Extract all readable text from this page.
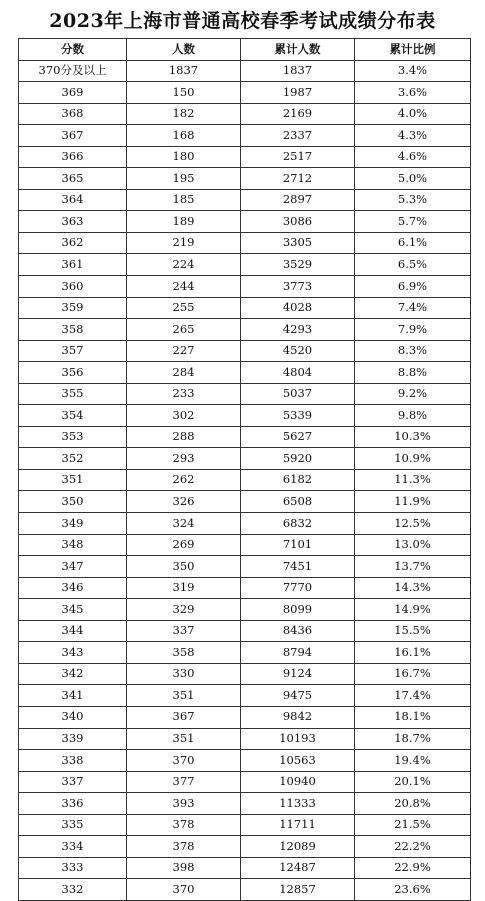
2023年上海市普通高校春季考试成绩分布表
分数	人数	累计人数	累计比例
370分及以上	1837	1837	3.4%
369	150	1987	3.6%
368	182	2169	4.0%
367	168	2337	4.3%
366	180	2517	4.6%
365	195	2712	5.0%
364	185	2897	5.3%
363	189	3086	5.7%
362	219	3305	6.1%
361	224	3529	6.5%
360	244	3773	6.9%
359	255	4028	7.4%
358	265	4293	7.9%
357	227	4520	8.3%
356	284	4804	8.8%
355	233	5037	9.2%
354	302	5339	9.8%
353	288	5627	10.3%
352	293	5920	10.9%
351	262	6182	11.3%
350	326	6508	11.9%
349	324	6832	12.5%
348	269	7101	13.0%
347	350	7451	13.7%
346	319	7770	14.3%
345	329	8099	14.9%
344	337	8436	15.5%
343	358	8794	16.1%
342	330	9124	16.7%
341	351	9475	17.4%
340	367	9842	18.1%
339	351	10193	18.7%
338	370	10563	19.4%
337	377	10940	20.1%
336	393	11333	20.8%
335	378	11711	21.5%
334	378	12089	22.2%
333	398	12487	22.9%
332	370	12857	23.6%
